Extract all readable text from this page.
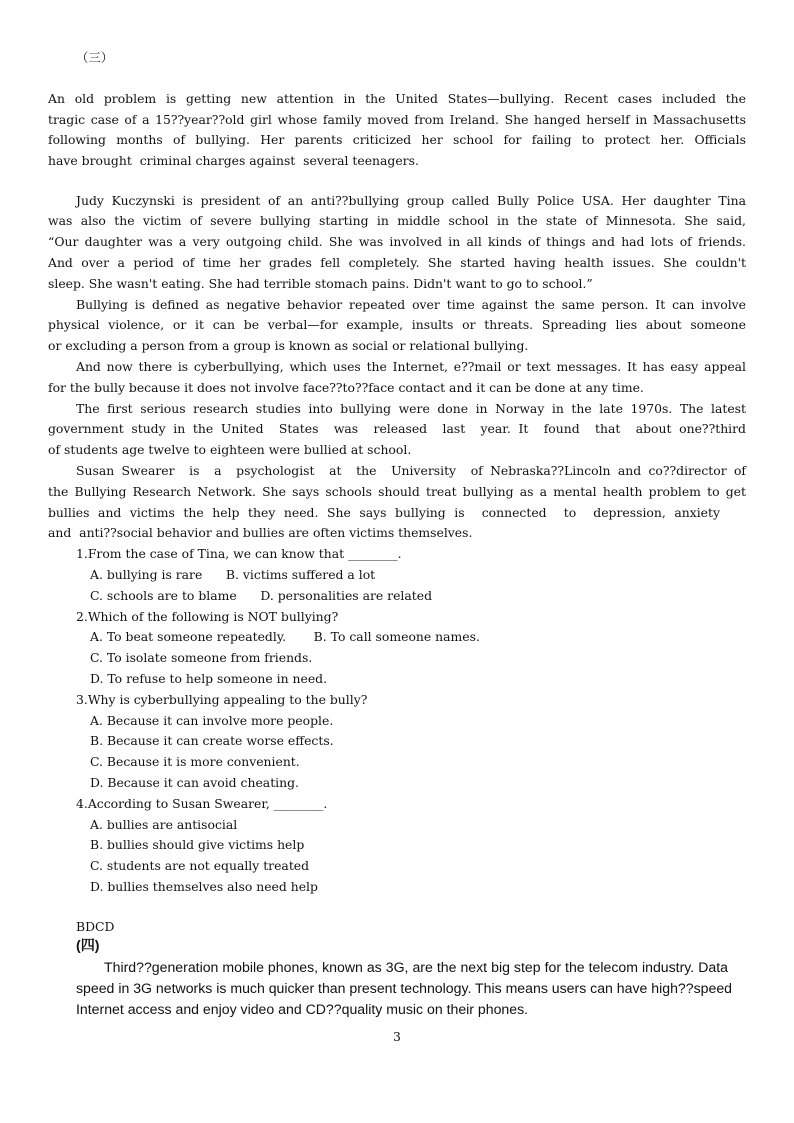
（三）
An old problem is getting new attention in the United States—bullying. Recent cases included the
tragic case of a 15??year??old girl whose family moved from Ireland. She hanged herself in Massachusetts
following months of bullying. Her parents criticized her school for failing to protect her. Officials
have brought  criminal charges against  several teenagers.
Judy Kuczynski is president of an anti??bullying group called Bully Police USA. Her daughter Tina
was also the victim of severe bullying starting in middle school in the state of Minnesota. She said,
“Our daughter was a very outgoing child. She was involved in all kinds of things and had lots of friends.
And over a period of time her grades fell completely. She started having health issues. She couldn't
sleep. She wasn't eating. She had terrible stomach pains. Didn't want to go to school.”
Bullying is defined as negative behavior repeated over time against the same person. It can involve
physical violence, or it can be verbal—for example, insults or threats. Spreading lies about someone
or excluding a person from a group is known as social or relational bullying.
And now there is cyberbullying, which uses the Internet, e??mail or text messages. It has easy appeal
for the bully because it does not involve face??to??face contact and it can be done at any time.
The first serious research studies into bullying were done in Norway in the late 1970s. The latest
government study in the United  States  was  released  last  year. It  found  that  about one??third
of students age twelve to eighteen were bullied at school.
Susan Swearer  is  a  psychologist  at  the  University  of Nebraska??Lincoln and co??director of
the Bullying Research Network. She says schools should treat bullying as a mental health problem to get
bullies and victims the help they need. She says bullying is  connected  to  depression, anxiety
and  anti??social behavior and bullies are often victims themselves.
1.From the case of Tina, we can know that ________.
A. bullying is rare      B. victims suffered a lot
C. schools are to blame      D. personalities are related
2.Which of the following is NOT bullying?
A. To beat someone repeatedly.       B. To call someone names.
C. To isolate someone from friends.
D. To refuse to help someone in need.
3.Why is cyberbullying appealing to the bully?
A. Because it can involve more people.
B. Because it can create worse effects.
C. Because it is more convenient.
D. Because it can avoid cheating.
4.According to Susan Swearer, ________.
A. bullies are antisocial
B. bullies should give victims help
C. students are not equally treated
D. bullies themselves also need help
BDCD
(四)
Third??generation mobile phones, known as 3G, are the next big step for the telecom industry. Data
speed in 3G networks is much quicker than present technology. This means users can have high??speed
Internet access and enjoy video and CD??quality music on their phones.
3
